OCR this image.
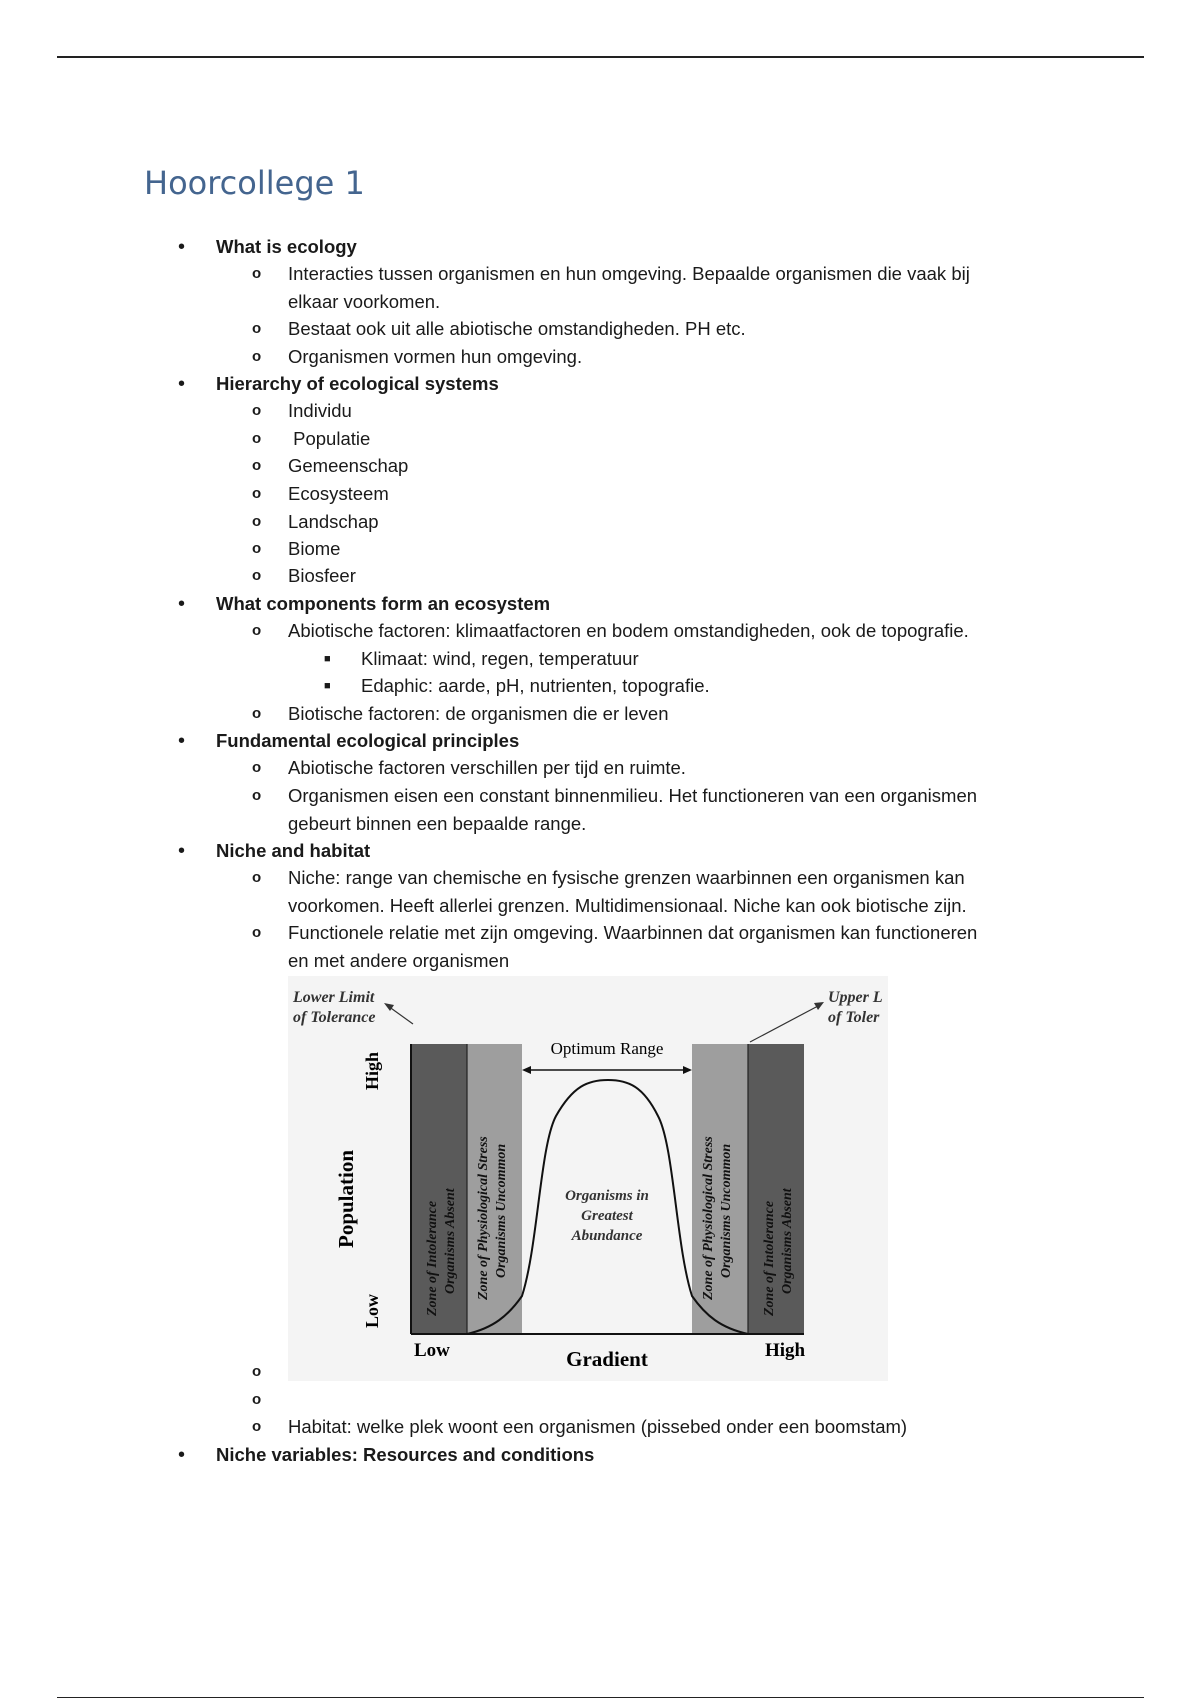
Hoorcollege 1
• What is ecology
o Interacties tussen organismen en hun omgeving. Bepaalde organismen die vaak bij
elkaar voorkomen.
o Bestaat ook uit alle abiotische omstandigheden. PH etc.
o Organismen vormen hun omgeving.
• Hierarchy of ecological systems
o Individu
o Populatie
o Gemeenschap
o Ecosysteem
o Landschap
o Biome
o Biosfeer
• What components form an ecosystem
o Abiotische factoren: klimaatfactoren en bodem omstandigheden, ook de topografie.
■ Klimaat: wind, regen, temperatuur
■ Edaphic: aarde, pH, nutrienten, topografie.
o Biotische factoren: de organismen die er leven
• Fundamental ecological principles
o Abiotische factoren verschillen per tijd en ruimte.
o Organismen eisen een constant binnenmilieu. Het functioneren van een organismen
gebeurt binnen een bepaalde range.
• Niche and habitat
o Niche: range van chemische en fysische grenzen waarbinnen een organismen kan
voorkomen. Heeft allerlei grenzen. Multidimensionaal. Niche kan ook biotische zijn.
o Functionele relatie met zijn omgeving. Waarbinnen dat organismen kan functioneren
en met andere organismen
o
o
o Habitat: welke plek woont een organismen (pissebed onder een boomstam)
• Niche variables: Resources and conditions
Optimum Range
Lower Limit
of Tolerance
Upper L
of Toler
High
Population
Low
Low	Gradient	High
Zone of Intolerance Organisms Absent Zone of Physiological Stress Organisms Uncommon	Zone of Physiological Stress Organisms Uncommon Zone of Intolerance Organisms Absent
Organisms in
Greatest
Abundance
